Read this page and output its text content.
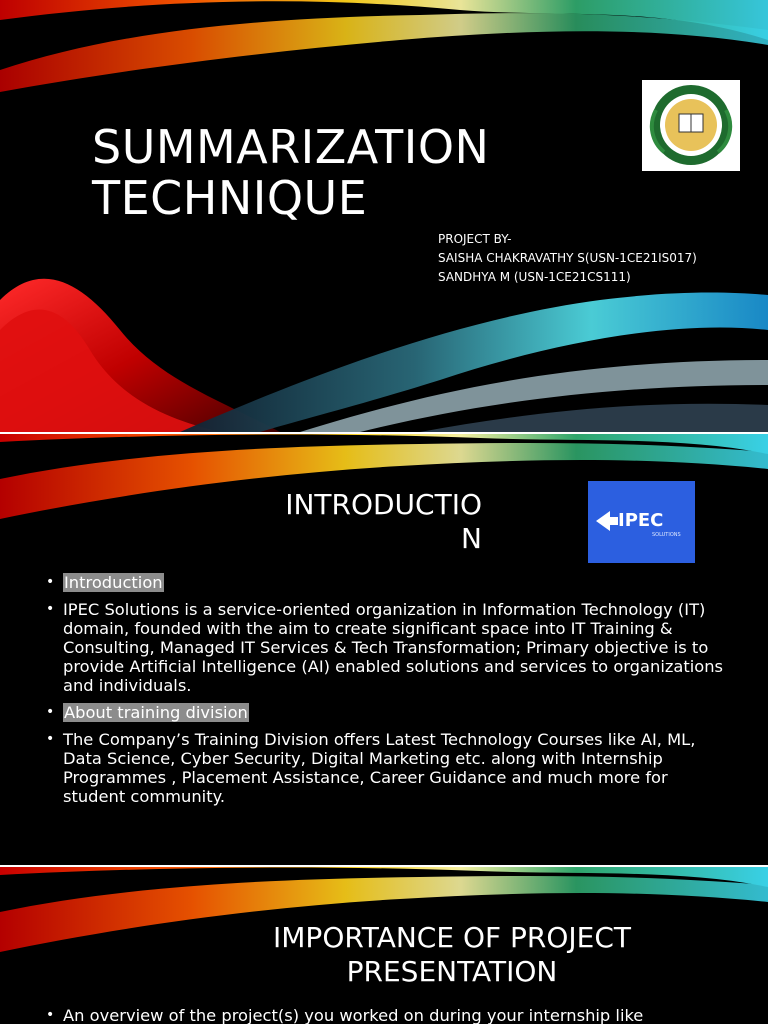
SUMMARIZATION
TECHNIQUE
PROJECT BY-
SAISHA CHAKRAVATHY S(USN-1CE21IS017)
SANDHYA M (USN-1CE21CS111)
INTRODUCTIO
N
IPEC
SOLUTIONS
• Introduction
• IPEC Solutions is a service-oriented organization in Information Technology (IT) domain, founded with the aim to create significant space into IT Training & Consulting, Managed IT Services & Tech Transformation; Primary objective is to provide Artificial Intelligence (AI) enabled solutions and services to organizations and individuals.
• About training division
• The Company’s Training Division offers Latest Technology Courses like AI, ML, Data Science, Cyber Security, Digital Marketing etc. along with Internship Programmes , Placement Assistance, Career Guidance and much more for student community.
IMPORTANCE OF PROJECT
PRESENTATION
• An overview of the project(s) you worked on during your internship like
